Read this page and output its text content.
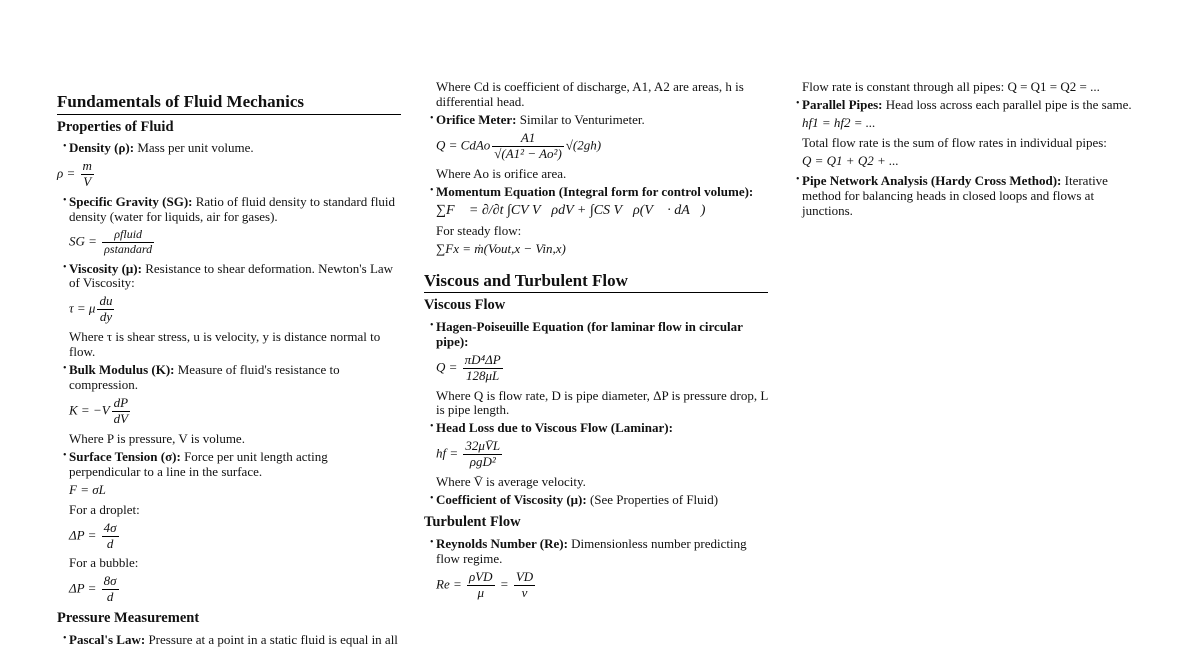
Fundamentals of Fluid Mechanics
Properties of Fluid
• Density (ρ): Mass per unit volume.
$\rho = \frac{m}{V}$
• Specific Gravity (SG): Ratio of fluid density to standard fluid density (water for liquids, air for gases).
SG = $\frac{\text{ρfluid}}{\text{ρstandard}}$
• Viscosity (μ): Resistance to shear deformation. Newton's Law of Viscosity:
τ = μ $\frac{du}{dy}$
Where τ is shear stress, u is velocity, y is distance normal to flow.
• Bulk Modulus (K): Measure of fluid's resistance to compression.
$K = -V \frac{dP}{dV}$
Where P is pressure, V is volume.
• Surface Tension (σ): Force per unit length acting perpendicular to a line in the surface.
F = σL
For a droplet:
$\Delta P = \frac{4\sigma}{d}$
For a bubble:
$\Delta P = \frac{8\sigma}{d}$
Pressure Measurement
• Pascal's Law: Pressure at a point in a static fluid is equal in all
Where Cd is coefficient of discharge, A1, A2 are areas, h is differential head.
• Orifice Meter: Similar to Venturimeter.
Q = CdAo $\frac{A1}{\text{√(A1² − Ao²)}} √(2gh)$
Where Ao is orifice area.
• Momentum Equation (Integral form for control volume):
∑F⃗ = ∂/∂t ∫CV V⃗ρdV + ∫CS V⃗ρ(V⃗ · dA⃗)
For steady flow:
∑Fx = ṁ(Vout,x − Vin,x)
Viscous and Turbulent Flow
Viscous Flow
• Hagen-Poiseuille Equation (for laminar flow in circular pipe):
$Q = \frac{\text{πD⁴ΔP}}{128\mu L}$
Where Q is flow rate, D is pipe diameter, ΔP is pressure drop, L is pipe length.
• Head Loss due to Viscous Flow (Laminar):
hf = $\frac{32\mu V̄L}{\text{ρgD²}}$
Where V̄ is average velocity.
• Coefficient of Viscosity (μ): (See Properties of Fluid)
Turbulent Flow
• Reynolds Number (Re): Dimensionless number predicting flow regime.
$Re = \frac{\text{ρVD}}{\mu} = \frac{VD}{\nu}$
Flow rate is constant through all pipes: Q = Q1 = Q2 = ...
• Parallel Pipes: Head loss across each parallel pipe is the same.
hf1 = hf2 = ...
Total flow rate is the sum of flow rates in individual pipes:
Q = Q1 + Q2 + ...
• Pipe Network Analysis (Hardy Cross Method): Iterative method for balancing heads in closed loops and flows at junctions.
